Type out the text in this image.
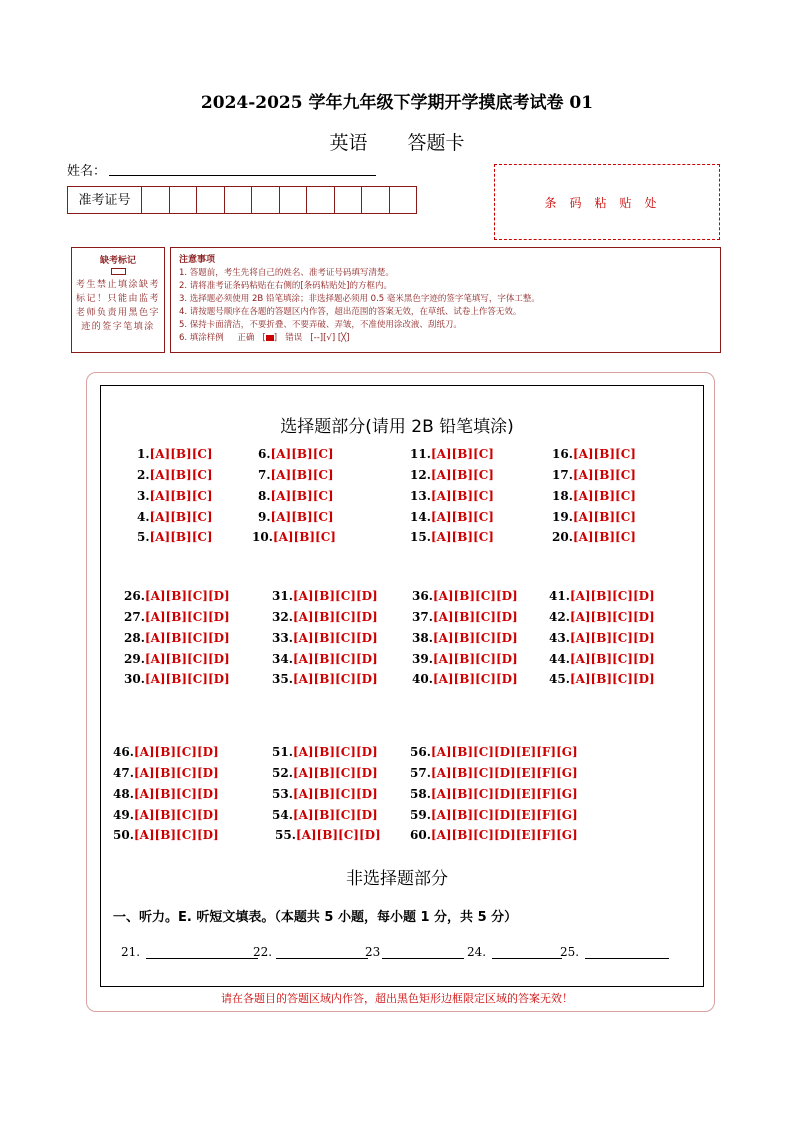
2024-2025 学年九年级下学期开学摸底考试卷 01
英语 答题卡
姓名：
准考证号	条码粘贴处
缺考标记
考生禁止填涂缺考标记！只能由监考老师负责用黑色字迹的签字笔填涂
注意事项
1. 答题前，考生先将自己的姓名、准考证号码填写清楚。
2. 请将准考证条码粘贴在右侧的[条码粘贴处]的方框内。
3. 选择题必须使用 2B 铅笔填涂；非选择题必须用 0.5 毫米黑色字迹的签字笔填写，字体工整。
4. 请按题号顺序在各题的答题区内作答，超出范围的答案无效，在草纸、试卷上作答无效。
5. 保持卡面清洁，不要折叠、不要弄破、弄皱，不准使用涂改液、刮纸刀。
6. 填涂样例 正确 [ ] 错误 [--][√] [╳]
选择题部分(请用 2B 铅笔填涂)
1.[A][B][C]
2.[A][B][C]
3.[A][B][C]
4.[A][B][C]
5.[A][B][C]
6.[A][B][C]
7.[A][B][C]
8.[A][B][C]
9.[A][B][C]
10.[A][B][C]
11.[A][B][C]
12.[A][B][C]
13.[A][B][C]
14.[A][B][C]
15.[A][B][C]
16.[A][B][C]
17.[A][B][C]
18.[A][B][C]
19.[A][B][C]
20.[A][B][C]
26.[A][B][C][D]
27.[A][B][C][D]
28.[A][B][C][D]
29.[A][B][C][D]
30.[A][B][C][D]
31.[A][B][C][D]
32.[A][B][C][D]
33.[A][B][C][D]
34.[A][B][C][D]
35.[A][B][C][D]
36.[A][B][C][D]
37.[A][B][C][D]
38.[A][B][C][D]
39.[A][B][C][D]
40.[A][B][C][D]
41.[A][B][C][D]
42.[A][B][C][D]
43.[A][B][C][D]
44.[A][B][C][D]
45.[A][B][C][D]
46.[A][B][C][D]
47.[A][B][C][D]
48.[A][B][C][D]
49.[A][B][C][D]
50.[A][B][C][D]
51.[A][B][C][D]
52.[A][B][C][D]
53.[A][B][C][D]
54.[A][B][C][D]
55.[A][B][C][D]
56.[A][B][C][D][E][F][G]
57.[A][B][C][D][E][F][G]
58.[A][B][C][D][E][F][G]
59.[A][B][C][D][E][F][G]
60.[A][B][C][D][E][F][G]
非选择题部分
一、听力。E. 听短文填表。（本题共 5 小题，每小题 1 分，共 5 分）
21.	22.	23	24.	25.
请在各题目的答题区域内作答，超出黑色矩形边框限定区域的答案无效！
